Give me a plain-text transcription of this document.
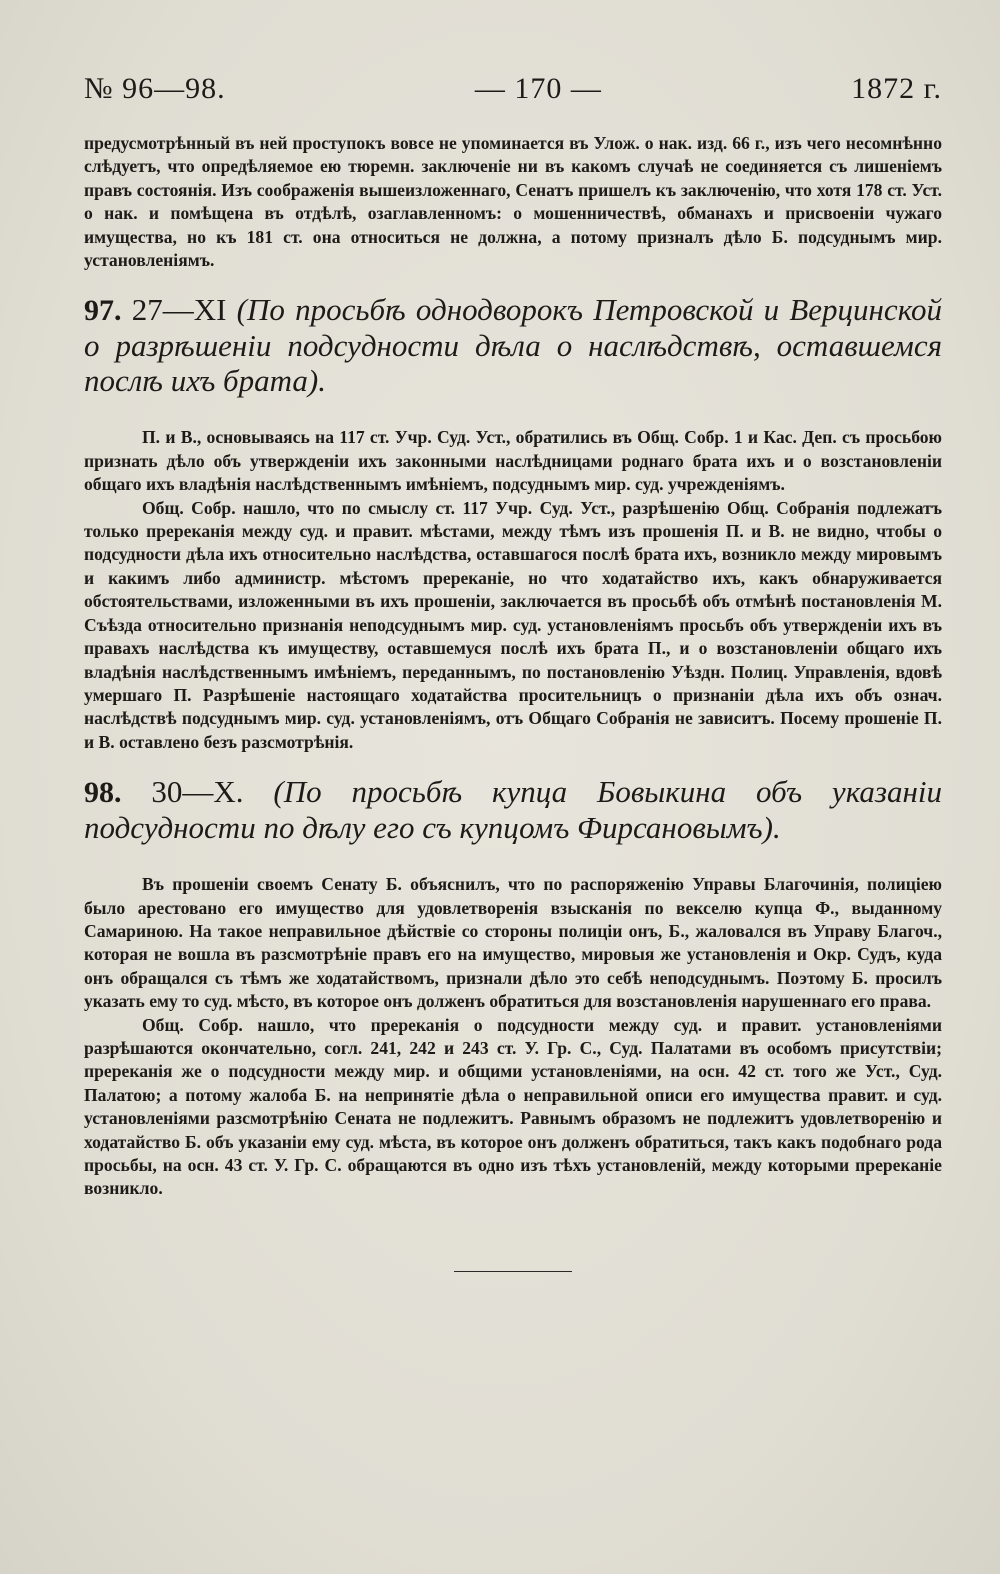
№ 96—98.	— 170 —	1872 г.

предусмотрѣнный въ ней проступокъ вовсе не упоминается въ Улож. о нак. изд. 66 г., изъ чего несомнѣнно слѣдуетъ, что опредѣляемое ею тюремн. заключеніе ни въ какомъ случаѣ не соединяется съ лишеніемъ правъ состоянія. Изъ соображенія вышеизложеннаго, Сенатъ пришелъ къ заключенію, что хотя 178 ст. Уст. о нак. и помѣщена въ отдѣлѣ, озаглавленномъ: о мошенничествѣ, обманахъ и присвоеніи чужаго имущества, но къ 181 ст. она относиться не должна, а потому призналъ дѣло Б. подсуднымъ мир. установленіямъ.

97. 27—XI (По просьбѣ однодворокъ Петровской и Верцинской о разрѣшеніи подсудности дѣла о наслѣдствѣ, оставшемся послѣ ихъ брата).

П. и В., основываясь на 117 ст. Учр. Суд. Уст., обратились въ Общ. Собр. 1 и Кас. Деп. съ просьбою признать дѣло объ утвержденіи ихъ законными наслѣдницами роднаго брата ихъ и о возстановленіи общаго ихъ владѣнія наслѣдственнымъ имѣніемъ, подсуднымъ мир. суд. учрежденіямъ.

Общ. Собр. нашло, что по смыслу ст. 117 Учр. Суд. Уст., разрѣшенію Общ. Собранія подлежатъ только пререканія между суд. и правит. мѣстами, между тѣмъ изъ прошенія П. и В. не видно, чтобы о подсудности дѣла ихъ относительно наслѣдства, оставшагося послѣ брата ихъ, возникло между мировымъ и какимъ либо администр. мѣстомъ пререканіе, но что ходатайство ихъ, какъ обнаруживается обстоятельствами, изложенными въ ихъ прошеніи, заключается въ просьбѣ объ отмѣнѣ постановленія М. Съѣзда относительно признанія неподсуднымъ мир. суд. установленіямъ просьбъ объ утвержденіи ихъ въ правахъ наслѣдства къ имуществу, оставшемуся послѣ ихъ брата П., и о возстановленіи общаго ихъ владѣнія наслѣдственнымъ имѣніемъ, переданнымъ, по постановленію Уѣздн. Полиц. Управленія, вдовѣ умершаго П. Разрѣшеніе настоящаго ходатайства просительницъ о признаніи дѣла ихъ объ означ. наслѣдствѣ подсуднымъ мир. суд. установленіямъ, отъ Общаго Собранія не зависитъ. Посему прошеніе П. и В. оставлено безъ разсмотрѣнія.

98. 30—X. (По просьбѣ купца Бовыкина объ указаніи подсудности по дѣлу его съ купцомъ Фирсановымъ).

Въ прошеніи своемъ Сенату Б. объяснилъ, что по распоряженію Управы Благочинія, полиціею было арестовано его имущество для удовлетворенія взысканія по векселю купца Ф., выданному Самариною. На такое неправильное дѣйствіе со стороны полиціи онъ, Б., жаловался въ Управу Благоч., которая не вошла въ разсмотрѣніе правъ его на имущество, мировыя же установленія и Окр. Судъ, куда онъ обращался съ тѣмъ же ходатайствомъ, признали дѣло это себѣ неподсуднымъ. Поэтому Б. просилъ указать ему то суд. мѣсто, въ которое онъ долженъ обратиться для возстановленія нарушеннаго его права.

Общ. Собр. нашло, что пререканія о подсудности между суд. и правит. установленіями разрѣшаются окончательно, согл. 241, 242 и 243 ст. У. Гр. С., Суд. Палатами въ особомъ присутствіи; пререканія же о подсудности между мир. и общими установленіями, на осн. 42 ст. того же Уст., Суд. Палатою; а потому жалоба Б. на непринятіе дѣла о неправильной описи его имущества правит. и суд. установленіями разсмотрѣнію Сената не подлежитъ. Равнымъ образомъ не подлежитъ удовлетворенію и ходатайство Б. объ указаніи ему суд. мѣста, въ которое онъ долженъ обратиться, такъ какъ подобнаго рода просьбы, на осн. 43 ст. У. Гр. С. обращаются въ одно изъ тѣхъ установленій, между которыми пререканіе возникло.
